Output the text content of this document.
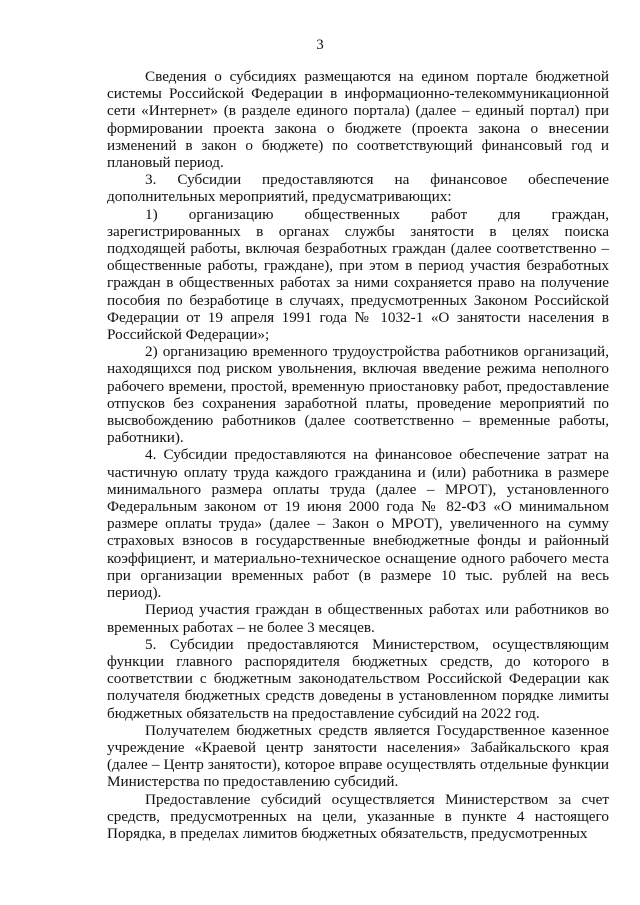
3

Сведения о субсидиях размещаются на едином портале бюджетной системы Российской Федерации в информационно-телекоммуникационной сети «Интернет» (в разделе единого портала) (далее – единый портал) при формировании проекта закона о бюджете (проекта закона о внесении изменений в закон о бюджете) по соответствующий финансовый год и плановый период.

3. Субсидии предоставляются на финансовое обеспечение дополнительных мероприятий, предусматривающих:

1) организацию общественных работ для граждан, зарегистрированных в органах службы занятости в целях поиска подходящей работы, включая безработных граждан (далее соответственно – общественные работы, граждане), при этом в период участия безработных граждан в общественных работах за ними сохраняется право на получение пособия по безработице в случаях, предусмотренных Законом Российской Федерации от 19 апреля 1991 года № 1032-1 «О занятости населения в Российской Федерации»;

2) организацию временного трудоустройства работников организаций, находящихся под риском увольнения, включая введение режима неполного рабочего времени, простой, временную приостановку работ, предоставление отпусков без сохранения заработной платы, проведение мероприятий по высвобождению работников (далее соответственно – временные работы, работники).

4. Субсидии предоставляются на финансовое обеспечение затрат на частичную оплату труда каждого гражданина и (или) работника в размере минимального размера оплаты труда (далее – МРОТ), установленного Федеральным законом от 19 июня 2000 года № 82-ФЗ «О минимальном размере оплаты труда» (далее – Закон о МРОТ), увеличенного на сумму страховых взносов в государственные внебюджетные фонды и районный коэффициент, и материально-техническое оснащение одного рабочего места при организации временных работ (в размере 10 тыс. рублей на весь период).

Период участия граждан в общественных работах или работников во временных работах – не более 3 месяцев.

5. Субсидии предоставляются Министерством, осуществляющим функции главного распорядителя бюджетных средств, до которого в соответствии с бюджетным законодательством Российской Федерации как получателя бюджетных средств доведены в установленном порядке лимиты бюджетных обязательств на предоставление субсидий на 2022 год.

Получателем бюджетных средств является Государственное казенное учреждение «Краевой центр занятости населения» Забайкальского края (далее – Центр занятости), которое вправе осуществлять отдельные функции Министерства по предоставлению субсидий.

Предоставление субсидий осуществляется Министерством за счет средств, предусмотренных на цели, указанные в пункте 4 настоящего Порядка, в пределах лимитов бюджетных обязательств, предусмотренных
